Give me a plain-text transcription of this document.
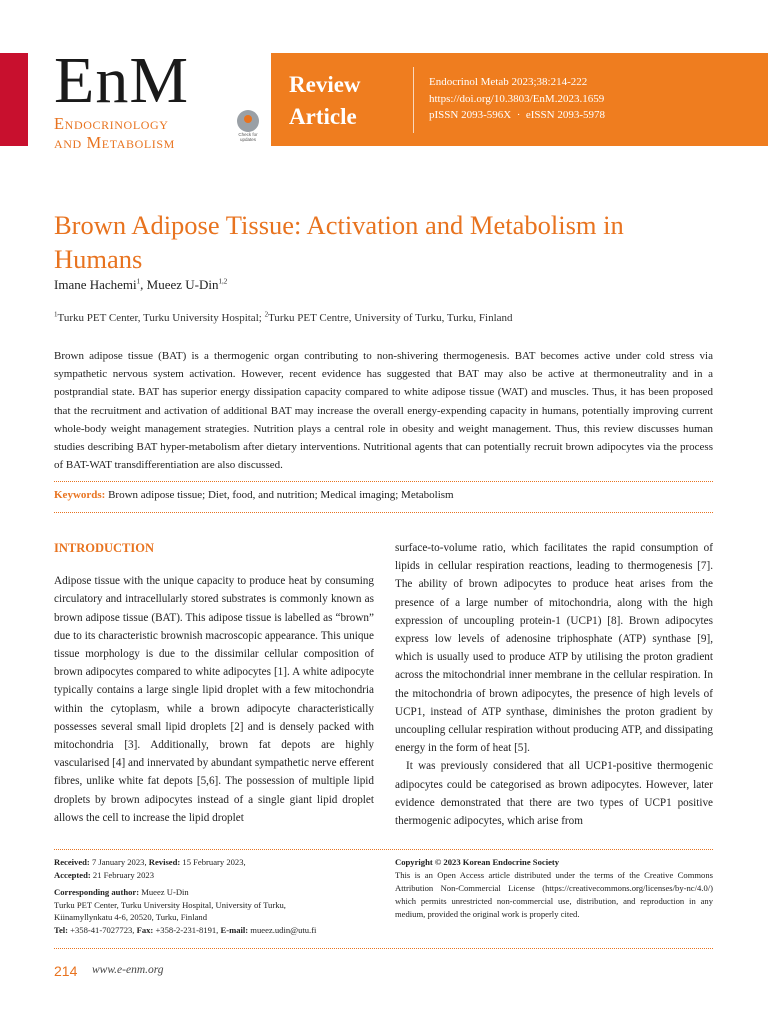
EnM
Endocrinology
and Metabolism	Check for updates
Review
Article
Endocrinol Metab 2023;38:214-222
https://doi.org/10.3803/EnM.2023.1659
pISSN 2093-596X  ·  eISSN 2093-5978
Brown Adipose Tissue: Activation and Metabolism in Humans
Imane Hachemi$^1$, Mueez U-Din$^{1,2}$
$^1$Turku PET Center, Turku University Hospital; $^2$Turku PET Centre, University of Turku, Turku, Finland
Brown adipose tissue (BAT) is a thermogenic organ contributing to non-shivering thermogenesis. BAT becomes active under cold stress via sympathetic nervous system activation. However, recent evidence has suggested that BAT may also be active at thermoneutrality and in a postprandial state. BAT has superior energy dissipation capacity compared to white adipose tissue (WAT) and muscles. Thus, it has been proposed that the recruitment and activation of additional BAT may increase the overall energy-expending capacity in humans, potentially improving current whole-body weight management strategies. Nutrition plays a central role in obesity and weight management. Thus, this review discusses human studies describing BAT hyper-metabolism after dietary interventions. Nutritional agents that can potentially recruit brown adipocytes via the process of BAT-WAT transdifferentiation are also discussed.
Keywords: Brown adipose tissue; Diet, food, and nutrition; Medical imaging; Metabolism
INTRODUCTION

Adipose tissue with the unique capacity to produce heat by consuming circulatory and intracellularly stored substrates is commonly known as brown adipose tissue (BAT). This adipose tissue is labelled as “brown” due to its characteristic brownish macroscopic appearance. This unique tissue morphology is due to the dissimilar cellular composition of brown adipocytes compared to white adipocytes [1]. A white adipocyte typically contains a large single lipid droplet with a few mitochondria within the cytoplasm, while a brown adipocyte characteristically possesses several small lipid droplets [2] and is densely packed with mitochondria [3]. Additionally, brown fat depots are highly vascularised [4] and innervated by abundant sympathetic nerve efferent fibres, unlike white fat depots [5,6]. The possession of multiple lipid droplets by brown adipocytes instead of a single giant lipid droplet allows the cell to increase the lipid droplet

surface-to-volume ratio, which facilitates the rapid consumption of lipids in cellular respiration reactions, leading to thermogenesis [7]. The ability of brown adipocytes to produce heat arises from the presence of a large number of mitochondria, along with the high expression of uncoupling protein-1 (UCP1) [8]. Brown adipocytes express low levels of adenosine triphosphate (ATP) synthase [9], which is usually used to produce ATP by utilising the proton gradient across the mitochondrial inner membrane in the cellular respiration. In the mitochondria of brown adipocytes, the presence of high levels of UCP1, instead of ATP synthase, diminishes the proton gradient by uncoupling cellular respiration without producing ATP, and dissipating energy in the form of heat [5].

It was previously considered that all UCP1-positive thermogenic adipocytes could be categorised as brown adipocytes. However, later evidence demonstrated that there are two types of UCP1 positive thermogenic adipocytes, which arise from

Received: 7 January 2023, Revised: 15 February 2023,
Accepted: 21 February 2023

Corresponding author: Mueez U-Din
Turku PET Center, Turku University Hospital, University of Turku,
Kiinamyllynkatu 4-6, 20520, Turku, Finland
Tel: +358-41-7027723, Fax: +358-2-231-8191, E-mail: mueez.udin@utu.fi

Copyright © 2023 Korean Endocrine Society
This is an Open Access article distributed under the terms of the Creative Commons Attribution Non-Commercial License (https://creativecommons.org/licenses/by-nc/4.0/) which permits unrestricted non-commercial use, distribution, and reproduction in any medium, provided the original work is properly cited.
214 www.e-enm.org
